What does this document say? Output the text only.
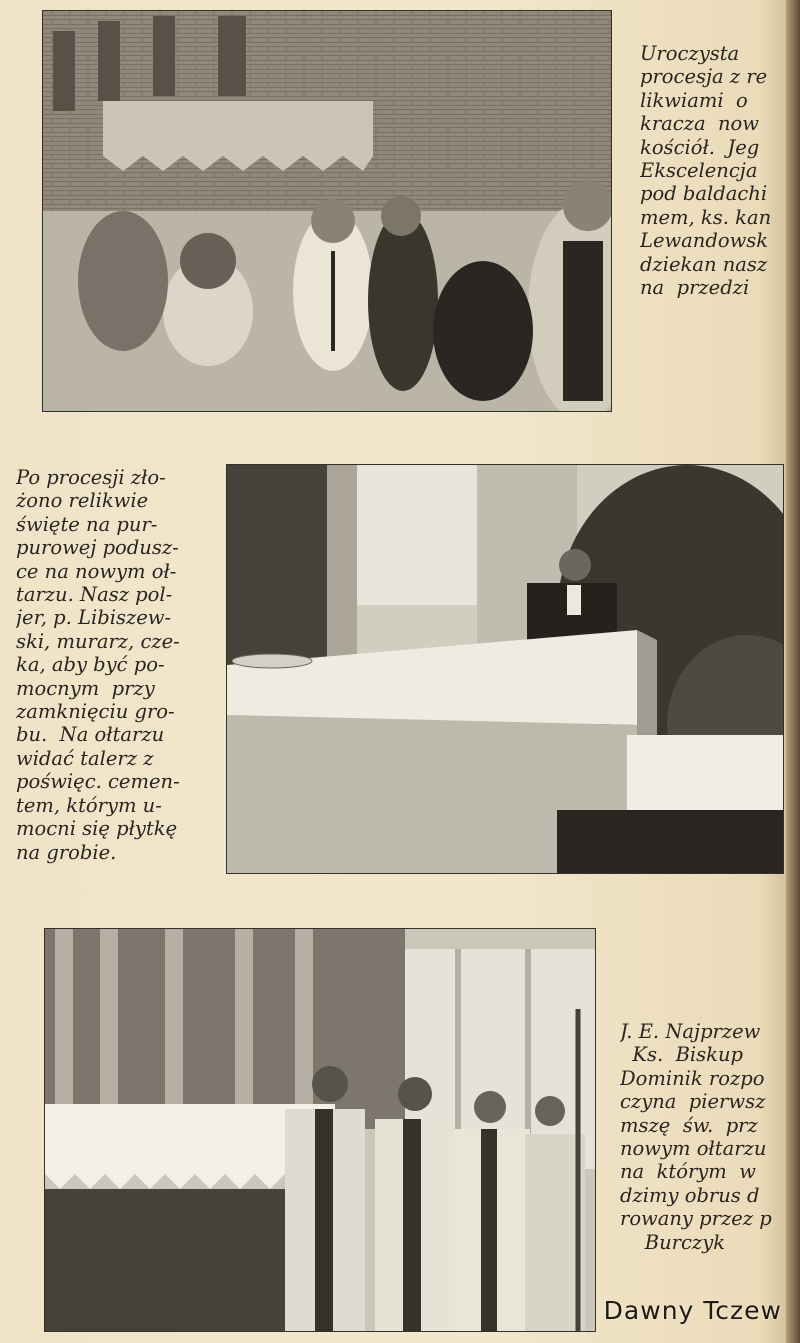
Uroczysta
procesja z re
likwiami  o
kracza  now
kościół.  Jeg
Ekscelencja
pod baldachi
mem, ks. kan
Lewandowsk
dziekan nasz
na  przedzi
Po procesji zło-
żono relikwie
święte na pur-
purowej podusz-
ce na nowym oł-
tarzu. Nasz pol-
jer, p. Libiszew-
ski, murarz, cze-
ka, aby być po-
mocnym  przy
zamknięciu gro-
bu.  Na ołtarzu
widać talerz z
poświęc. cemen-
tem, którym u-
mocni się płytkę
na grobie.
J. E. Najprzew
Ks.  Biskup
Dominik rozpo
czyna  pierwsz
mszę  św.  prz
nowym ołtarzu
na  którym  w
dzimy obrus d
rowany przez p
Burczyk
Dawny Tczew
